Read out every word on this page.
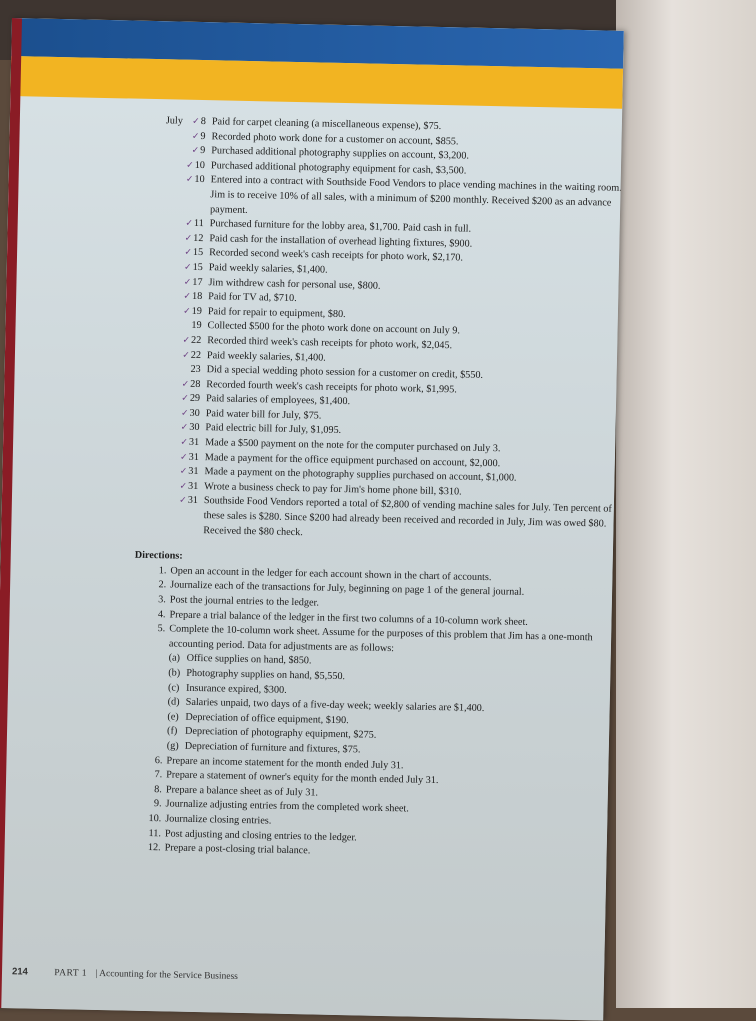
July ✓8 Paid for carpet cleaning (a miscellaneous expense), $75.
✓9 Recorded photo work done for a customer on account, $855.
✓9 Purchased additional photography supplies on account, $3,200.
✓10 Purchased additional photography equipment for cash, $3,500.
✓10 Entered into a contract with Southside Food Vendors to place vending machines in the waiting room. Jim is to receive 10% of all sales, with a minimum of $200 monthly. Received $200 as an advance payment.
✓11 Purchased furniture for the lobby area, $1,700. Paid cash in full.
✓12 Paid cash for the installation of overhead lighting fixtures, $900.
✓15 Recorded second week's cash receipts for photo work, $2,170.
✓15 Paid weekly salaries, $1,400.
✓17 Jim withdrew cash for personal use, $800.
✓18 Paid for TV ad, $710.
✓19 Paid for repair to equipment, $80.
19 Collected $500 for the photo work done on account on July 9.
✓22 Recorded third week's cash receipts for photo work, $2,045.
✓22 Paid weekly salaries, $1,400.
23 Did a special wedding photo session for a customer on credit, $550.
✓28 Recorded fourth week's cash receipts for photo work, $1,995.
✓29 Paid salaries of employees, $1,400.
✓30 Paid water bill for July, $75.
✓30 Paid electric bill for July, $1,095.
✓31 Made a $500 payment on the note for the computer purchased on July 3.
✓31 Made a payment for the office equipment purchased on account, $2,000.
✓31 Made a payment on the photography supplies purchased on account, $1,000.
✓31 Wrote a business check to pay for Jim's home phone bill, $310.
✓31 Southside Food Vendors reported a total of $2,800 of vending machine sales for July. Ten percent of these sales is $280. Since $200 had already been received and recorded in July, Jim was owed $80. Received the $80 check.
Directions:
1. Open an account in the ledger for each account shown in the chart of accounts.
2. Journalize each of the transactions for July, beginning on page 1 of the general journal.
3. Post the journal entries to the ledger.
4. Prepare a trial balance of the ledger in the first two columns of a 10-column work sheet.
5. Complete the 10-column work sheet. Assume for the purposes of this problem that Jim has a one-month accounting period. Data for adjustments are as follows:
(a) Office supplies on hand, $850.
(b) Photography supplies on hand, $5,550.
(c) Insurance expired, $300.
(d) Salaries unpaid, two days of a five-day week; weekly salaries are $1,400.
(e) Depreciation of office equipment, $190.
(f) Depreciation of photography equipment, $275.
(g) Depreciation of furniture and fixtures, $75.
6. Prepare an income statement for the month ended July 31.
7. Prepare a statement of owner's equity for the month ended July 31.
8. Prepare a balance sheet as of July 31.
9. Journalize adjusting entries from the completed work sheet.
10. Journalize closing entries.
11. Post adjusting and closing entries to the ledger.
12. Prepare a post-closing trial balance.
214	PART 1 | Accounting for the Service Business
